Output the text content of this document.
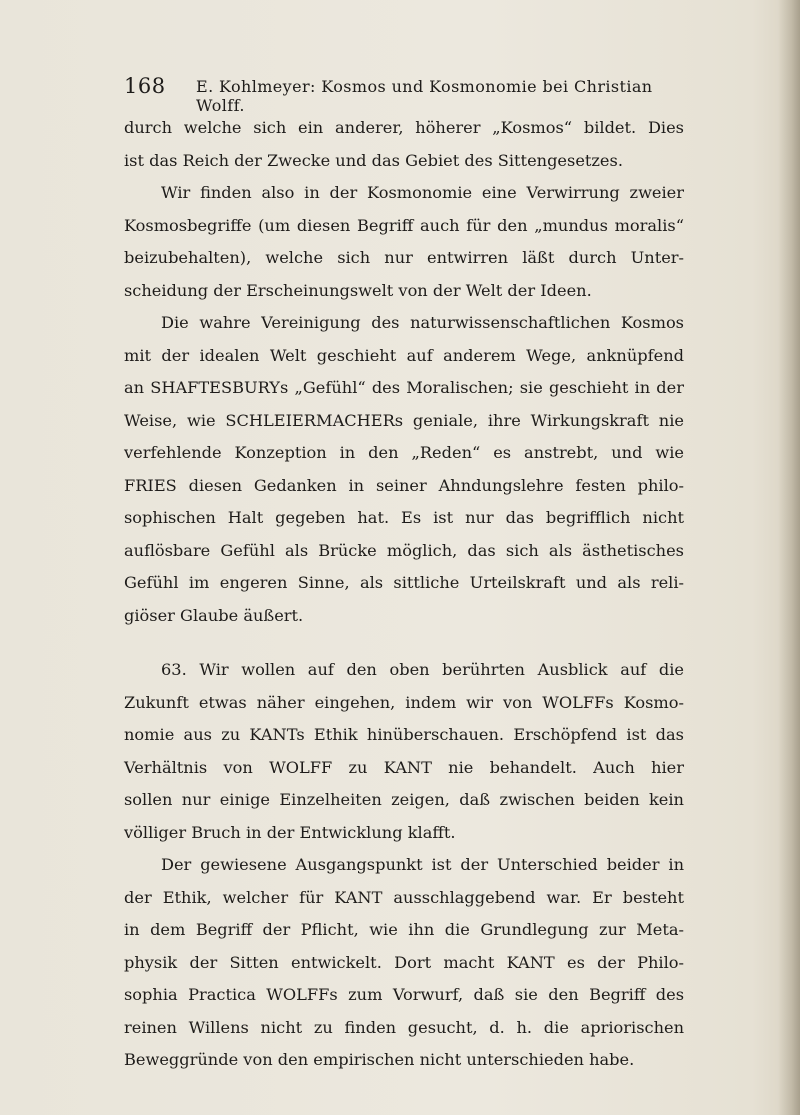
168 E. Kohlmeyer: Kosmos und Kosmonomie bei Christian Wolff.

durch welche sich ein anderer, höherer „Kosmos“ bildet. Dies
ist das Reich der Zwecke und das Gebiet des Sittengesetzes.

Wir finden also in der Kosmonomie eine Verwirrung zweier
Kosmosbegriffe (um diesen Begriff auch für den „mundus moralis“
beizubehalten), welche sich nur entwirren läßt durch Unter-
scheidung der Erscheinungswelt von der Welt der Ideen.

Die wahre Vereinigung des naturwissenschaftlichen Kosmos
mit der idealen Welt geschieht auf anderem Wege, anknüpfend
an SHAFTESBURYs „Gefühl“ des Moralischen; sie geschieht in der
Weise, wie SCHLEIERMACHERs geniale, ihre Wirkungskraft nie
verfehlende Konzeption in den „Reden“ es anstrebt, und wie
FRIES diesen Gedanken in seiner Ahndungslehre festen philo-
sophischen Halt gegeben hat. Es ist nur das begrifflich nicht
auflösbare Gefühl als Brücke möglich, das sich als ästhetisches
Gefühl im engeren Sinne, als sittliche Urteilskraft und als reli-
giöser Glaube äußert.

63. Wir wollen auf den oben berührten Ausblick auf die
Zukunft etwas näher eingehen, indem wir von WOLFFs Kosmo-
nomie aus zu KANTs Ethik hinüberschauen. Erschöpfend ist das
Verhältnis von WOLFF zu KANT nie behandelt. Auch hier
sollen nur einige Einzelheiten zeigen, daß zwischen beiden kein
völliger Bruch in der Entwicklung klafft.

Der gewiesene Ausgangspunkt ist der Unterschied beider in
der Ethik, welcher für KANT ausschlaggebend war. Er besteht
in dem Begriff der Pflicht, wie ihn die Grundlegung zur Meta-
physik der Sitten entwickelt. Dort macht KANT es der Philo-
sophia Practica WOLFFs zum Vorwurf, daß sie den Begriff des
reinen Willens nicht zu finden gesucht, d. h. die apriorischen
Beweggründe von den empirischen nicht unterschieden habe.
